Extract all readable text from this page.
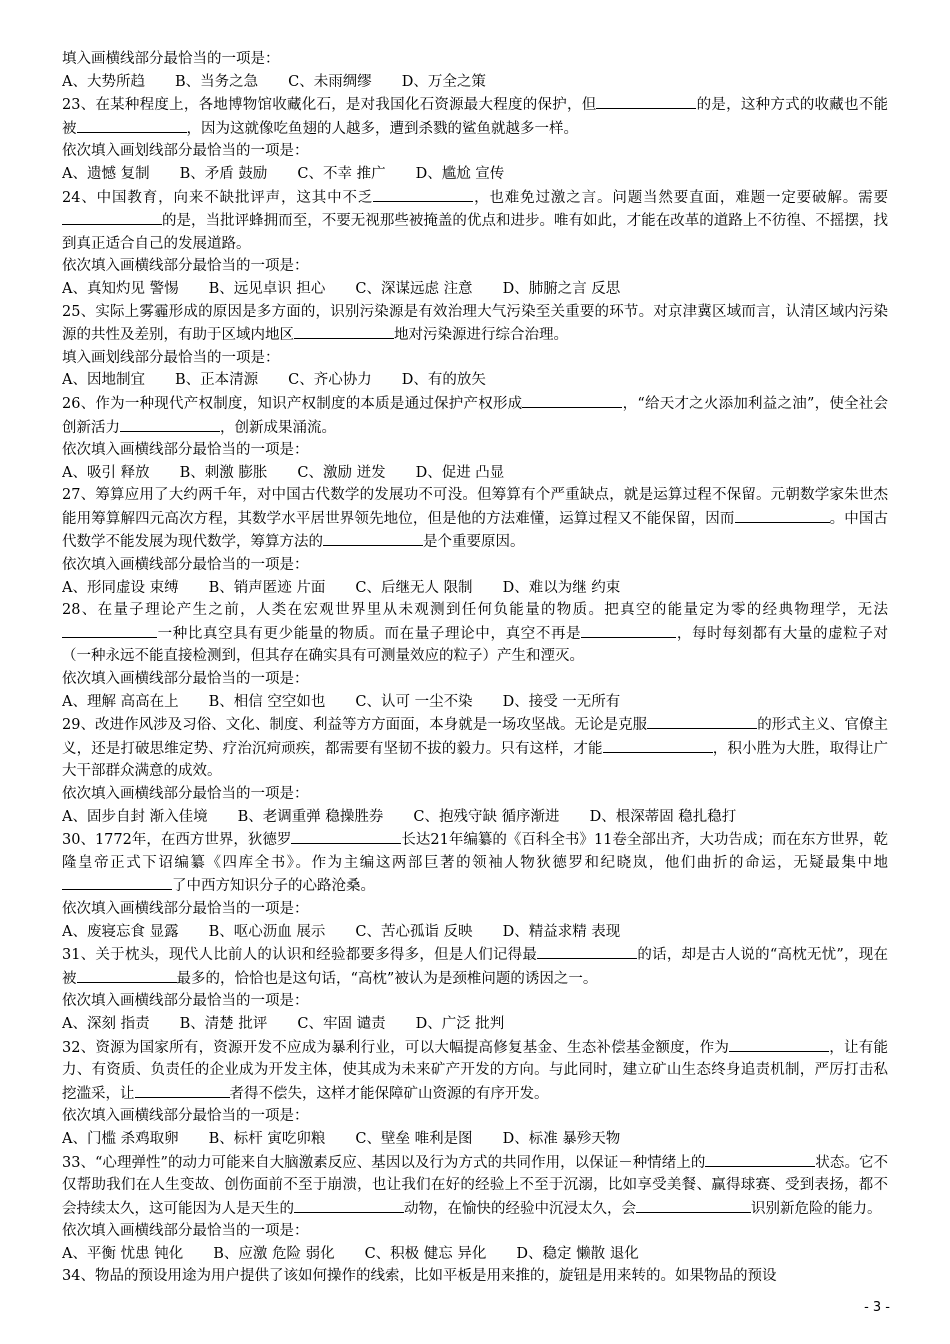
填入画横线部分最恰当的一项是：
A、大势所趋 B、当务之急 C、未雨绸缪 D、万全之策
23、在某种程度上，各地博物馆收藏化石，是对我国化石资源最大程度的保护，但	的是，这种方式的收藏也不能被	，因为这就像吃鱼翅的人越多，遭到杀戮的鲨鱼就越多一样。
依次填入画划线部分最恰当的一项是：
A、遗憾 复制 B、矛盾 鼓励 C、不幸 推广 D、尴尬 宣传
24、中国教育，向来不缺批评声，这其中不乏	，也难免过激之言。问题当然要直面，难题一定要破解。需要的是，当批评蜂拥而至，不要无视那些被掩盖的优点和进步。唯有如此，才能在改革的道路上不彷徨、不摇摆，找到真正适合自己的发展道路。
依次填入画横线部分最恰当的一项是：
A、真知灼见 警惕 B、远见卓识 担心 C、深谋远虑 注意 D、肺腑之言 反思
25、实际上雾霾形成的原因是多方面的，识别污染源是有效治理大气污染至关重要的环节。对京津冀区域而言，认清区域内污染源的共性及差别，有助于区域内地区	地对污染源进行综合治理。
填入画划线部分最恰当的一项是：
A、因地制宜 B、正本清源 C、齐心协力 D、有的放矢
26、作为一种现代产权制度，知识产权制度的本质是通过保护产权形成	，“给天才之火添加利益之油”，使全社会创新活力	，创新成果涌流。
依次填入画横线部分最恰当的一项是：
A、吸引 释放 B、刺激 膨胀 C、激励 迸发 D、促进 凸显
27、筹算应用了大约两千年，对中国古代数学的发展功不可没。但筹算有个严重缺点，就是运算过程不保留。元朝数学家朱世杰能用筹算解四元高次方程，其数学水平居世界领先地位，但是他的方法难懂，运算过程又不能保留，因而	。中国古代数学不能发展为现代数学，筹算方法的	是个重要原因。
依次填入画横线部分最恰当的一项是：
A、形同虚设 束缚 B、销声匿迹 片面 C、后继无人 限制 D、难以为继 约束
28、在量子理论产生之前，人类在宏观世界里从未观测到任何负能量的物质。把真空的能量定为零的经典物理学，无法一种比真空具有更少能量的物质。而在量子理论中，真空不再是	，每时每刻都有大量的虚粒子对（一种永远不能直接检测到，但其存在确实具有可测量效应的粒子）产生和湮灭。
依次填入画横线部分最恰当的一项是：
A、理解 高高在上 B、相信 空空如也 C、认可 一尘不染 D、接受 一无所有
29、改进作风涉及习俗、文化、制度、利益等方方面面，本身就是一场攻坚战。无论是克服	的形式主义、官僚主义，还是打破思维定势、疗治沉疴顽疾，都需要有坚韧不拔的毅力。只有这样，才能	，积小胜为大胜，取得让广大干部群众满意的成效。
依次填入画横线部分最恰当的一项是：
A、固步自封 渐入佳境 B、老调重弹 稳操胜券 C、抱残守缺 循序渐进 D、根深蒂固 稳扎稳打
30、1772年，在西方世界，狄德罗	长达21年编纂的《百科全书》11卷全部出齐，大功告成；而在东方世界，乾隆皇帝正式下诏编纂《四库全书》。作为主编这两部巨著的领袖人物狄德罗和纪晓岚，他们曲折的命运，无疑最集中地了中西方知识分子的心路沧桑。
依次填入画横线部分最恰当的一项是：
A、废寝忘食 显露 B、呕心沥血 展示 C、苦心孤诣 反映 D、精益求精 表现
31、关于枕头，现代人比前人的认识和经验都要多得多，但是人们记得最	的话，却是古人说的“高枕无忧”，现在被	最多的，恰恰也是这句话，“高枕”被认为是颈椎问题的诱因之一。
依次填入画横线部分最恰当的一项是：
A、深刻 指责 B、清楚 批评 C、牢固 谴责 D、广泛 批判
32、资源为国家所有，资源开发不应成为暴利行业，可以大幅提高修复基金、生态补偿基金额度，作为	，让有能力、有资质、负责任的企业成为开发主体，使其成为未来矿产开发的方向。与此同时，建立矿山生态终身追责机制，严厉打击私挖滥采，让	者得不偿失，这样才能保障矿山资源的有序开发。
依次填入画横线部分最恰当的一项是：
A、门槛 杀鸡取卵 B、标杆 寅吃卯粮 C、壁垒 唯利是图 D、标准 暴殄天物
33、“心理弹性”的动力可能来自大脑激素反应、基因以及行为方式的共同作用，以保证－种情绪上的	状态。它不仅帮助我们在人生变故、创伤面前不至于崩溃，也让我们在好的经验上不至于沉溺，比如享受美餐、赢得球赛、受到表扬，都不会持续太久，这可能因为人是天生的	动物，在愉快的经验中沉浸太久，会	识别新危险的能力。
依次填入画横线部分最恰当的一项是：
A、平衡 忧患 钝化 B、应激 危险 弱化 C、积极 健忘 异化 D、稳定 懒散 退化
34、物品的预设用途为用户提供了该如何操作的线索，比如平板是用来推的，旋钮是用来转的。如果物品的预设
- 3 -
